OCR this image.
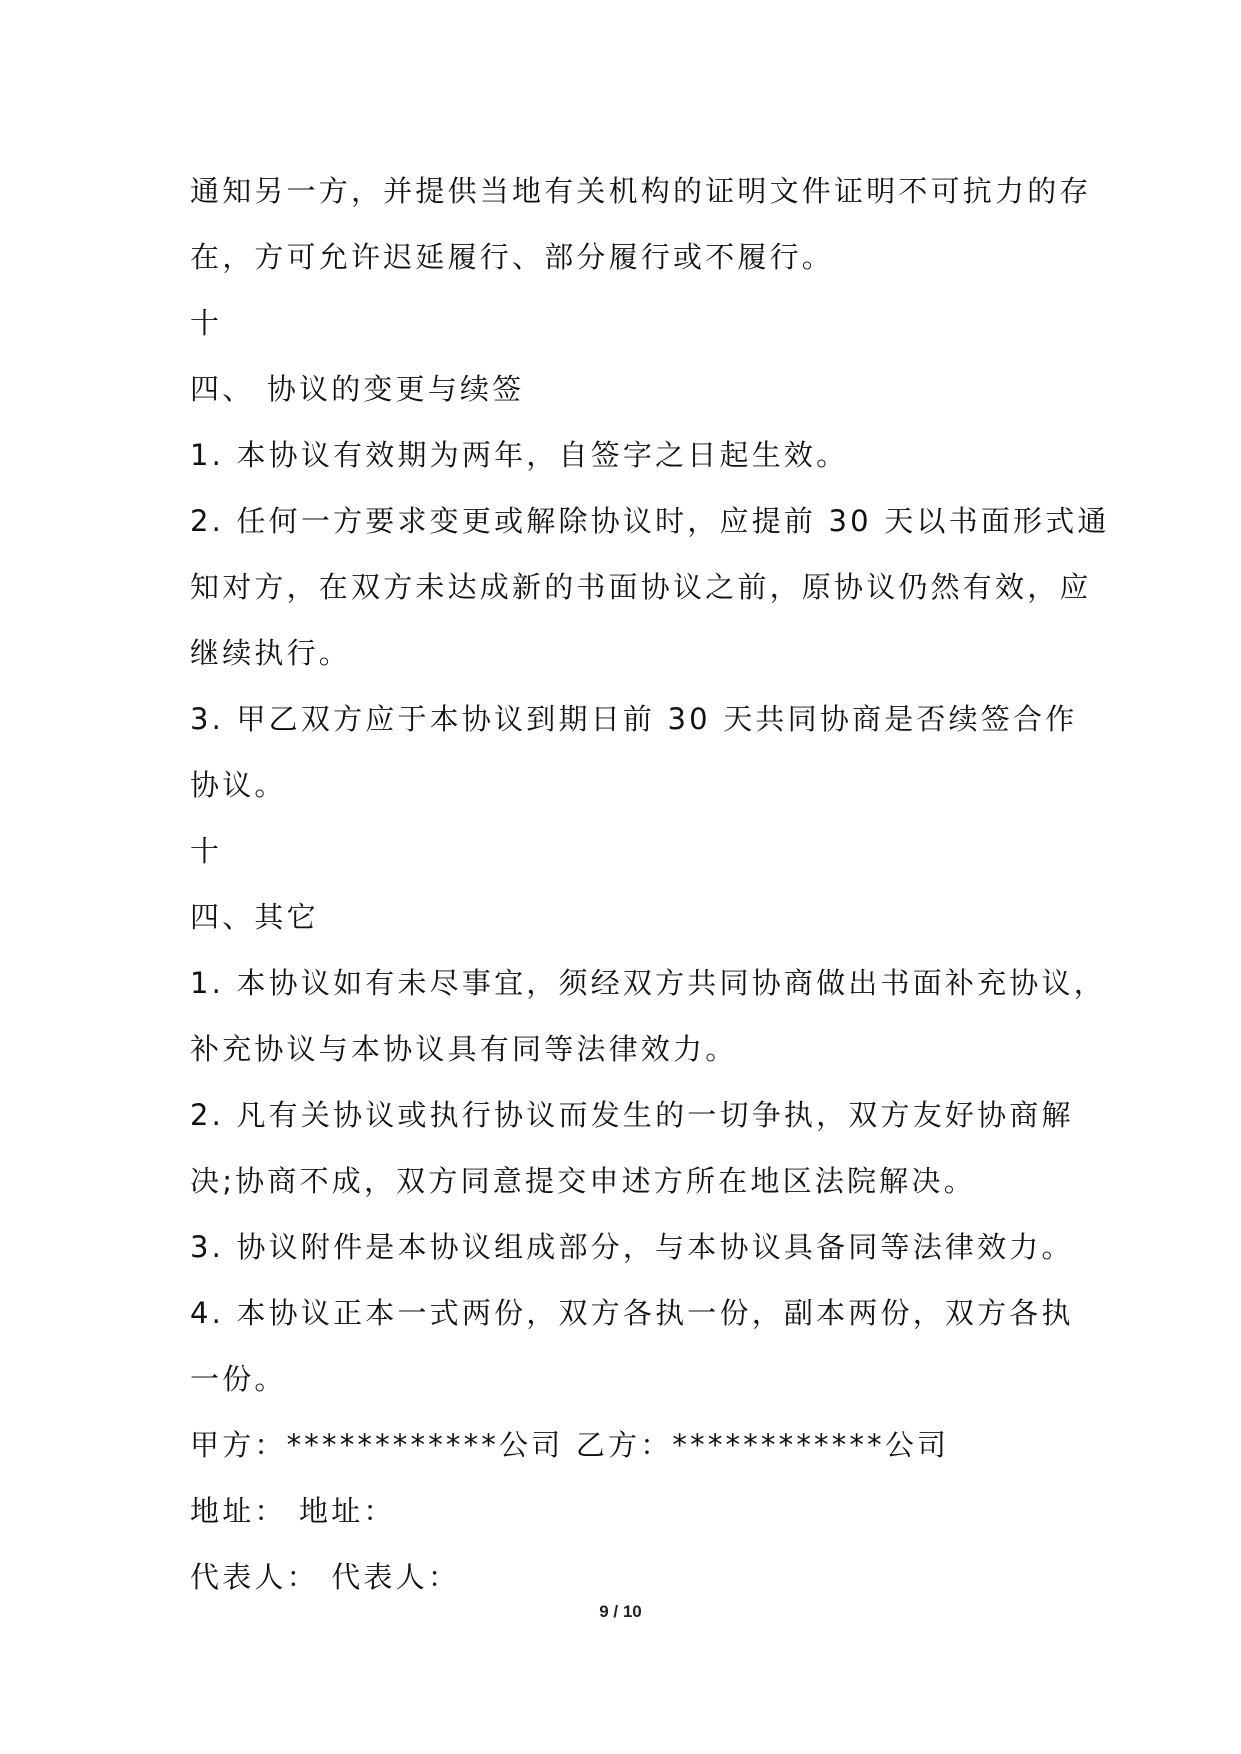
通知另一方，并提供当地有关机构的证明文件证明不可抗力的存

在，方可允许迟延履行、部分履行或不履行。

十

四、 协议的变更与续签

1. 本协议有效期为两年，自签字之日起生效。

2. 任何一方要求变更或解除协议时，应提前 30 天以书面形式通

知对方，在双方未达成新的书面协议之前，原协议仍然有效，应

继续执行。

3. 甲乙双方应于本协议到期日前 30 天共同协商是否续签合作

协议。

十

四、其它

1. 本协议如有未尽事宜，须经双方共同协商做出书面补充协议，

补充协议与本协议具有同等法律效力。

2. 凡有关协议或执行协议而发生的一切争执，双方友好协商解

决;协商不成，双方同意提交申述方所在地区法院解决。

3. 协议附件是本协议组成部分，与本协议具备同等法律效力。

4. 本协议正本一式两份，双方各执一份，副本两份，双方各执

一份。

甲方：************公司 乙方：************公司

地址： 地址：

代表人： 代表人：

9 / 10
